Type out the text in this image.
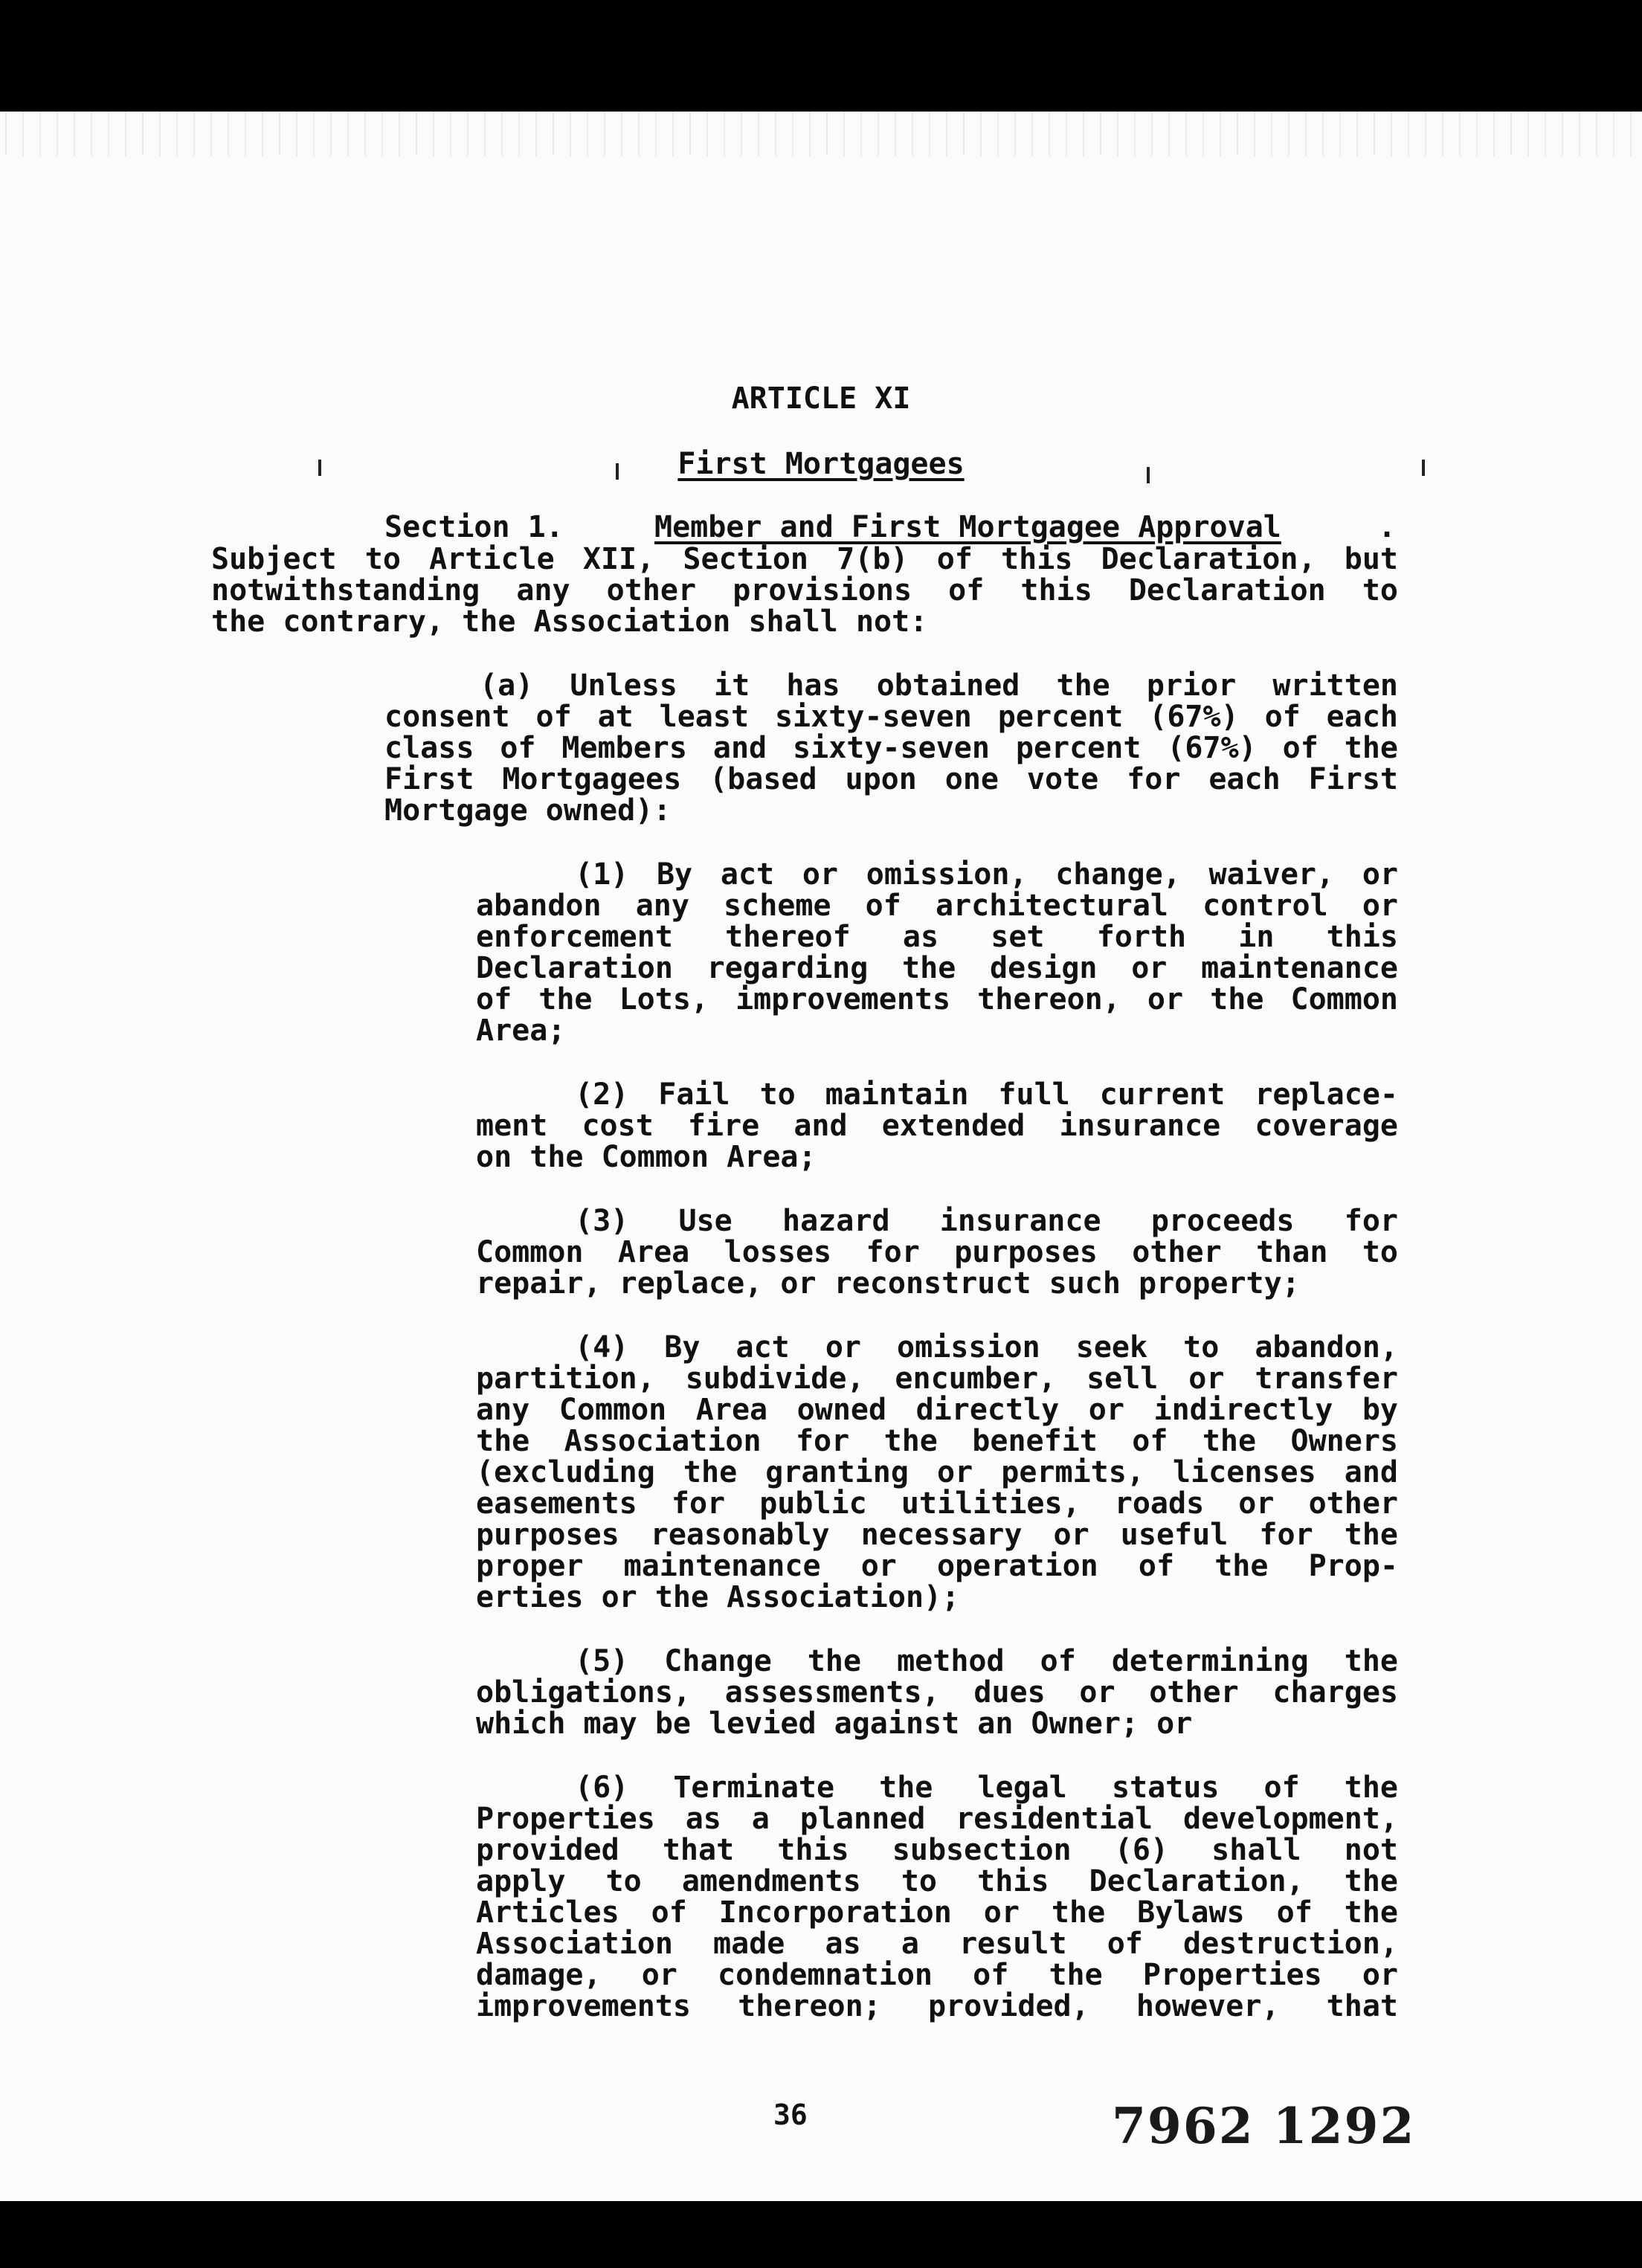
ARTICLE XI
First Mortgagees
Section 1.	Member and First Mortgagee Approval	.
Subject to Article XII, Section 7(b) of this Declaration, but
notwithstanding any other provisions of this Declaration to
the contrary, the Association shall not:
(a) Unless it has obtained the prior written
consent of at least sixty-seven percent (67%) of each
class of Members and sixty-seven percent (67%) of the
First Mortgagees (based upon one vote for each First
Mortgage owned):
(1) By act or omission, change, waiver, or
abandon any scheme of architectural control or
enforcement thereof as set forth in this
Declaration regarding the design or maintenance
of the Lots, improvements thereon, or the Common
Area;
(2) Fail to maintain full current replace-
ment cost fire and extended insurance coverage
on the Common Area;
(3) Use hazard insurance proceeds for
Common Area losses for purposes other than to
repair, replace, or reconstruct such property;
(4) By act or omission seek to abandon,
partition, subdivide, encumber, sell or transfer
any Common Area owned directly or indirectly by
the Association for the benefit of the Owners
(excluding the granting or permits, licenses and
easements for public utilities, roads or other
purposes reasonably necessary or useful for the
proper maintenance or operation of the Prop-
erties or the Association);
(5) Change the method of determining the
obligations, assessments, dues or other charges
which may be levied against an Owner; or
(6) Terminate the legal status of the
Properties as a planned residential development,
provided that this subsection (6) shall not
apply to amendments to this Declaration, the
Articles of Incorporation or the Bylaws of the
Association made as a result of destruction,
damage, or condemnation of the Properties or
improvements thereon; provided, however, that
36	7962 1292
